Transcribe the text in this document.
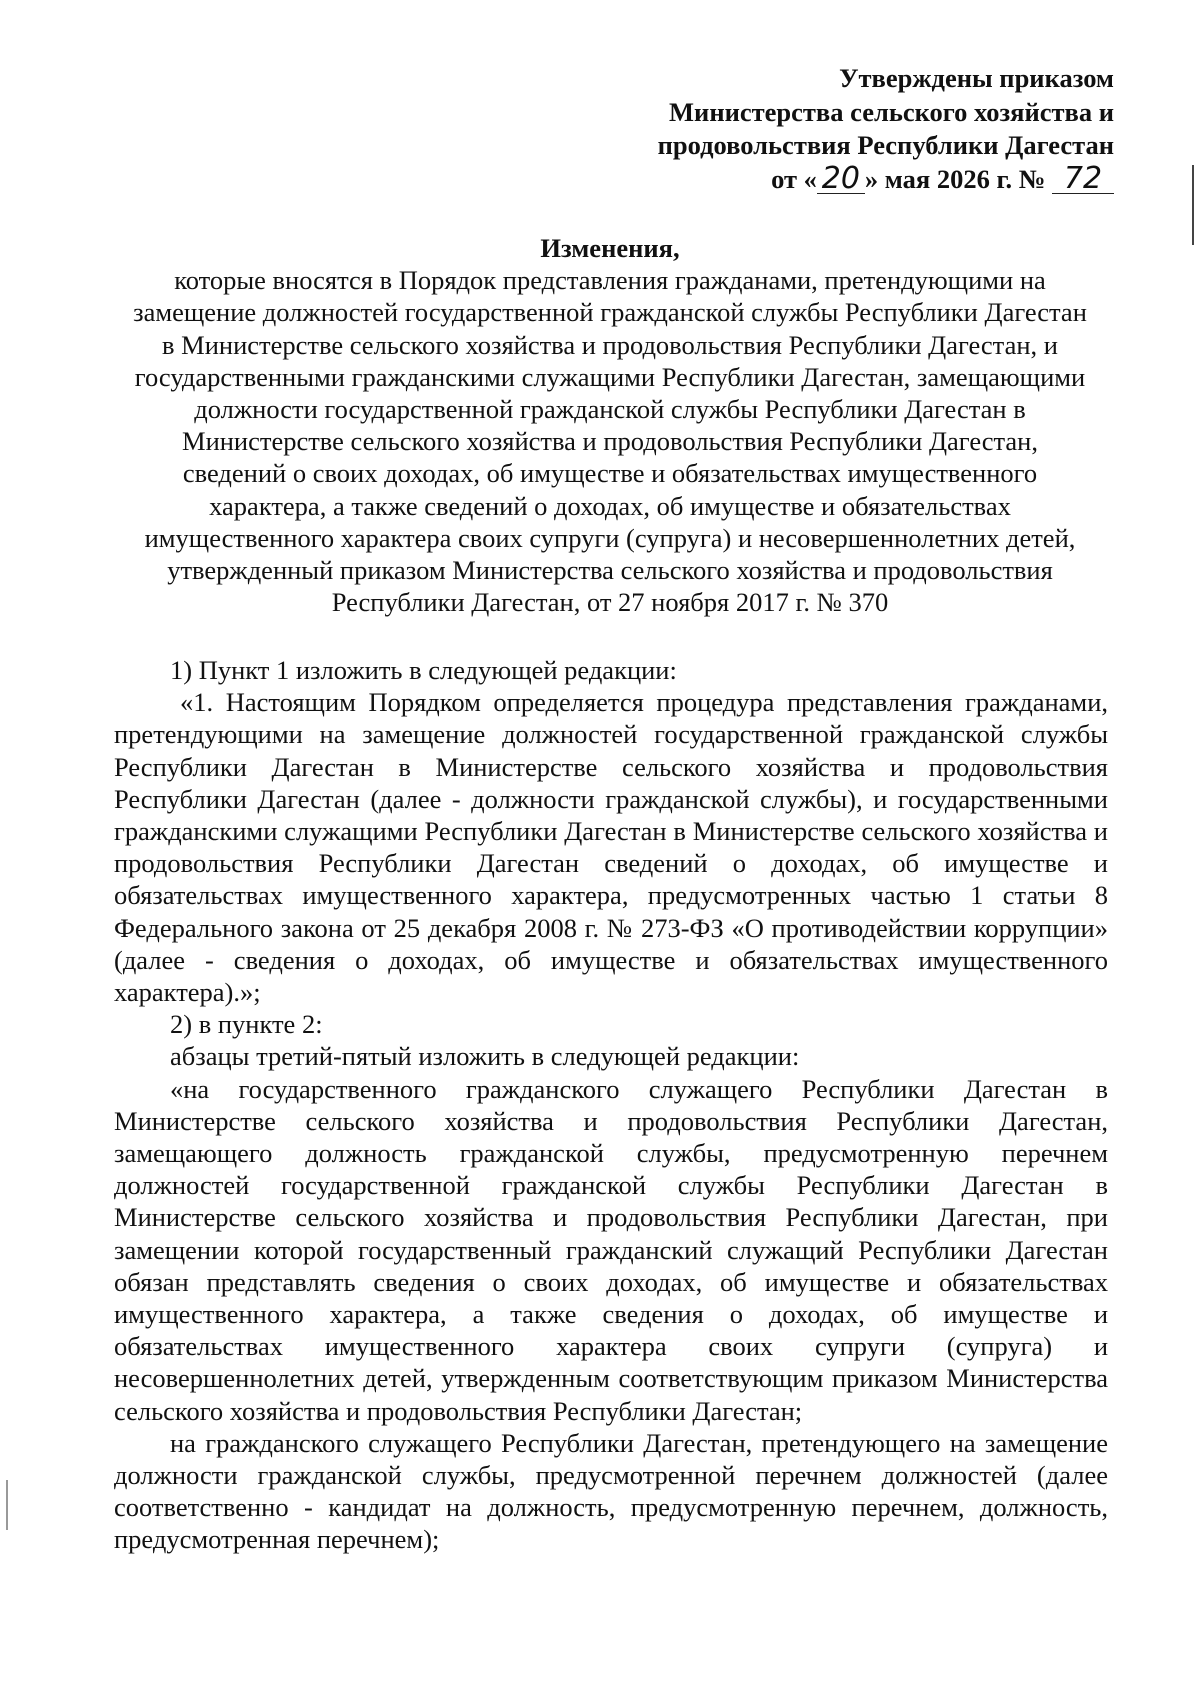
Утверждены приказом
Министерства сельского хозяйства и
продовольствия Республики Дагестан
от « 20 » мая 2026 г. № 72

Изменения,

которые вносятся в Порядок представления гражданами, претендующими на
замещение должностей государственной гражданской службы Республики Дагестан
в Министерстве сельского хозяйства и продовольствия Республики Дагестан, и
государственными гражданскими служащими Республики Дагестан, замещающими
должности государственной гражданской службы Республики Дагестан в
Министерстве сельского хозяйства и продовольствия Республики Дагестан,
сведений о своих доходах, об имуществе и обязательствах имущественного
характера, а также сведений о доходах, об имуществе и обязательствах
имущественного характера своих супруги (супруга) и несовершеннолетних детей,
утвержденный приказом Министерства сельского хозяйства и продовольствия
Республики Дагестан, от 27 ноября 2017 г. № 370

1) Пункт 1 изложить в следующей редакции:

«1. Настоящим Порядком определяется процедура представления гражданами, претендующими на замещение должностей государственной гражданской службы Республики Дагестан в Министерстве сельского хозяйства и продовольствия Республики Дагестан (далее - должности гражданской службы), и государственными гражданскими служащими Республики Дагестан в Министерстве сельского хозяйства и продовольствия Республики Дагестан сведений о доходах, об имуществе и обязательствах имущественного характера, предусмотренных частью 1 статьи 8 Федерального закона от 25 декабря 2008 г. № 273-ФЗ «О противодействии коррупции» (далее - сведения о доходах, об имуществе и обязательствах имущественного характера).»;

2) в пункте 2:

абзацы третий-пятый изложить в следующей редакции:

«на государственного гражданского служащего Республики Дагестан в Министерстве сельского хозяйства и продовольствия Республики Дагестан, замещающего должность гражданской службы, предусмотренную перечнем должностей государственной гражданской службы Республики Дагестан в Министерстве сельского хозяйства и продовольствия Республики Дагестан, при замещении которой государственный гражданский служащий Республики Дагестан обязан представлять сведения о своих доходах, об имуществе и обязательствах имущественного характера, а также сведения о доходах, об имуществе и обязательствах имущественного характера своих супруги (супруга) и несовершеннолетних детей, утвержденным соответствующим приказом Министерства сельского хозяйства и продовольствия Республики Дагестан;

на гражданского служащего Республики Дагестан, претендующего на замещение должности гражданской службы, предусмотренной перечнем должностей (далее соответственно - кандидат на должность, предусмотренную перечнем, должность, предусмотренная перечнем);
